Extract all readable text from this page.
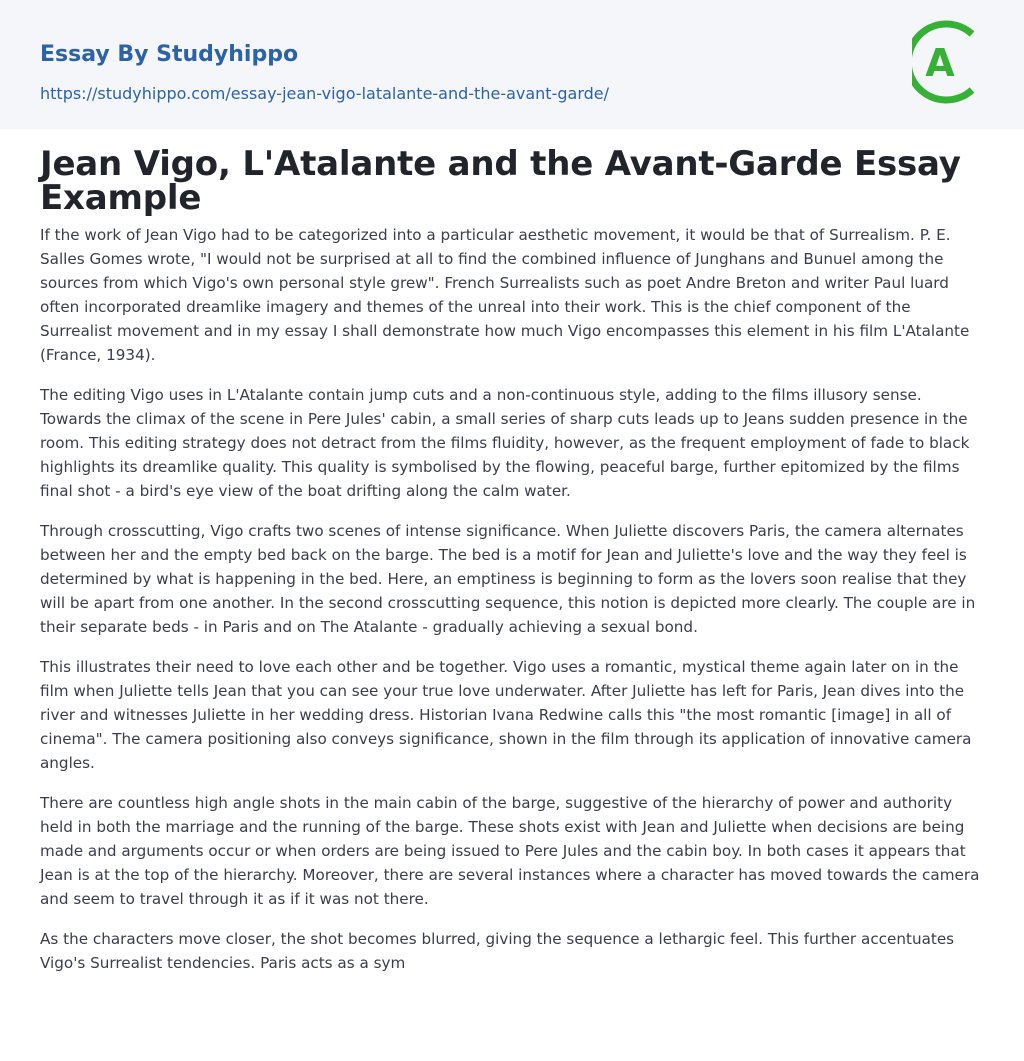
Essay By Studyhippo
https://studyhippo.com/essay-jean-vigo-latalante-and-the-avant-garde/
A
Jean Vigo, L'Atalante and the Avant-Garde Essay Example

If the work of Jean Vigo had to be categorized into a particular aesthetic movement, it would be that of Surrealism. P. E. Salles Gomes wrote, "I would not be surprised at all to find the combined influence of Junghans and Bunuel among the sources from which Vigo's own personal style grew". French Surrealists such as poet Andre Breton and writer Paul luard often incorporated dreamlike imagery and themes of the unreal into their work. This is the chief component of the Surrealist movement and in my essay I shall demonstrate how much Vigo encompasses this element in his film L'Atalante (France, 1934).

The editing Vigo uses in L'Atalante contain jump cuts and a non-continuous style, adding to the films illusory sense. Towards the climax of the scene in Pere Jules' cabin, a small series of sharp cuts leads up to Jeans sudden presence in the room. This editing strategy does not detract from the films fluidity, however, as the frequent employment of fade to black highlights its dreamlike quality. This quality is symbolised by the flowing, peaceful barge, further epitomized by the films final shot - a bird's eye view of the boat drifting along the calm water.

Through crosscutting, Vigo crafts two scenes of intense significance. When Juliette discovers Paris, the camera alternates between her and the empty bed back on the barge. The bed is a motif for Jean and Juliette's love and the way they feel is determined by what is happening in the bed. Here, an emptiness is beginning to form as the lovers soon realise that they will be apart from one another. In the second crosscutting sequence, this notion is depicted more clearly. The couple are in their separate beds - in Paris and on The Atalante - gradually achieving a sexual bond.

This illustrates their need to love each other and be together. Vigo uses a romantic, mystical theme again later on in the film when Juliette tells Jean that you can see your true love underwater. After Juliette has left for Paris, Jean dives into the river and witnesses Juliette in her wedding dress. Historian Ivana Redwine calls this "the most romantic [image] in all of cinema". The camera positioning also conveys significance, shown in the film through its application of innovative camera angles.

There are countless high angle shots in the main cabin of the barge, suggestive of the hierarchy of power and authority held in both the marriage and the running of the barge. These shots exist with Jean and Juliette when decisions are being made and arguments occur or when orders are being issued to Pere Jules and the cabin boy. In both cases it appears that Jean is at the top of the hierarchy. Moreover, there are several instances where a character has moved towards the camera and seem to travel through it as if it was not there.

As the characters move closer, the shot becomes blurred, giving the sequence a lethargic feel. This further accentuates Vigo's Surrealist tendencies. Paris acts as a sym
